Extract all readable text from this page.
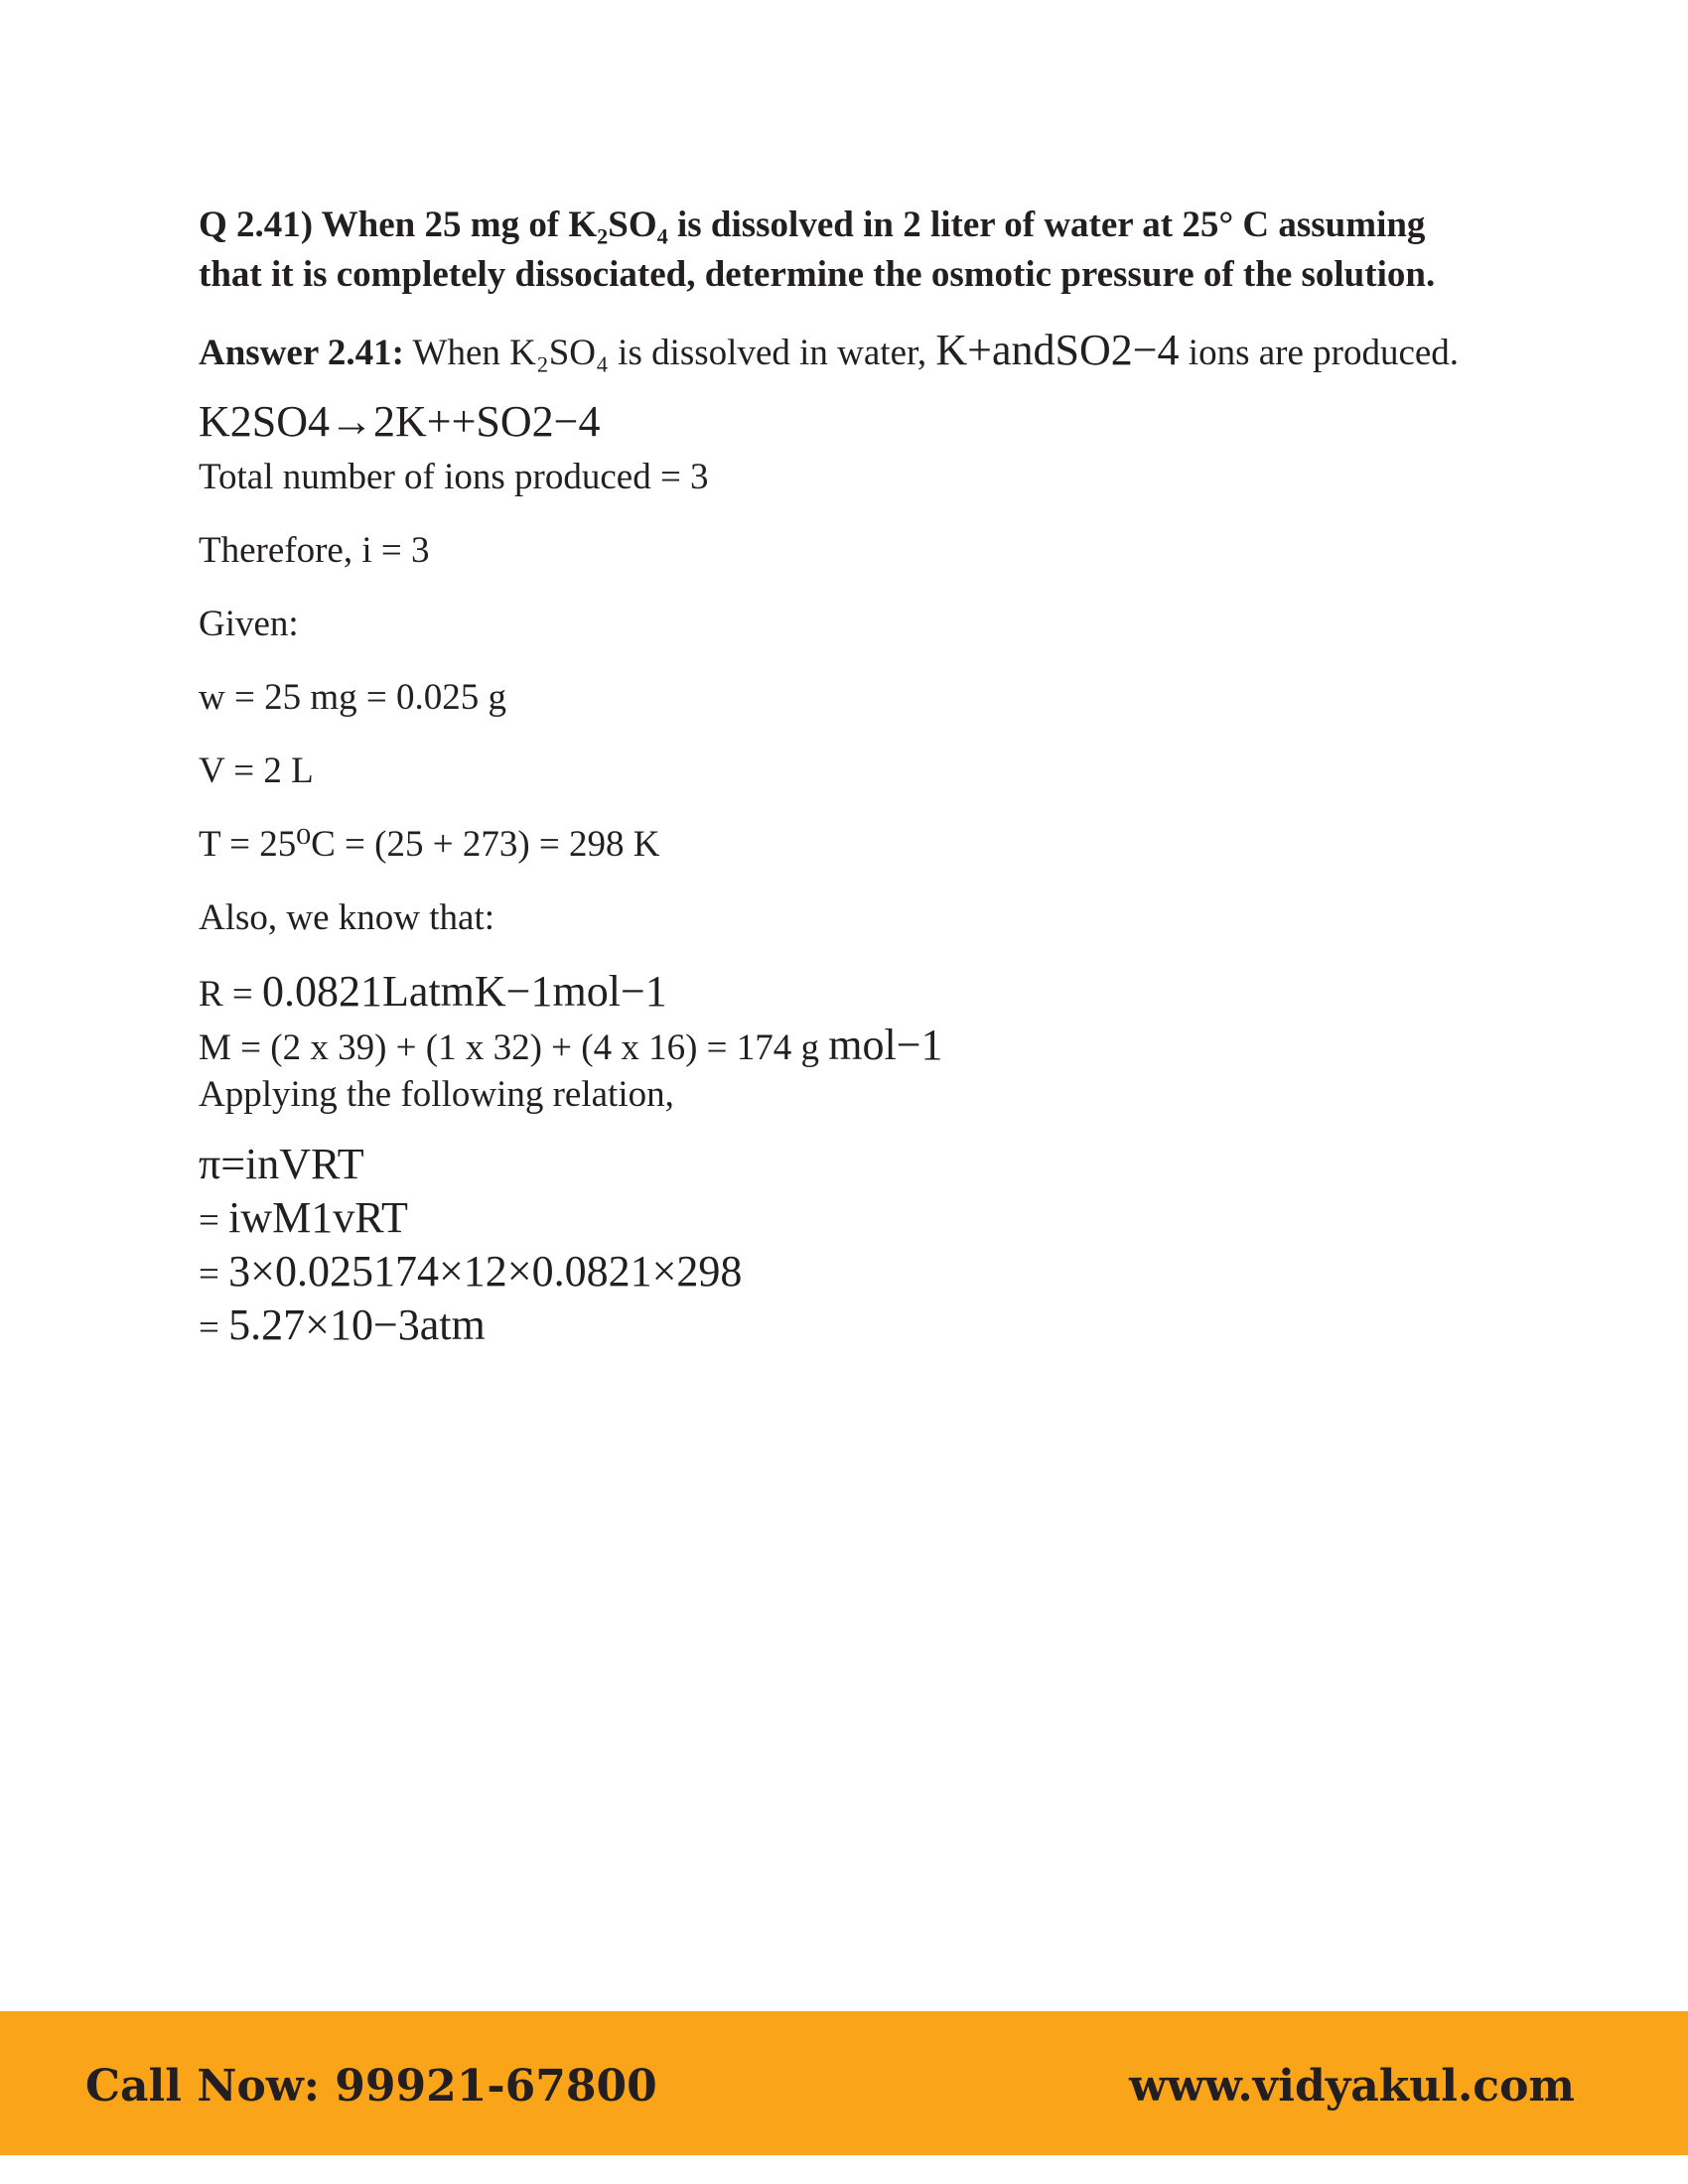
Q 2.41) When 25 mg of K₂SO₄ is dissolved in 2 liter of water at 25° C assuming
that it is completely dissociated, determine the osmotic pressure of the solution.
Answer 2.41: When K₂SO₄ is dissolved in water, K+andSO2−4 ions are produced.
K2SO4→2K++SO2−4
Total number of ions produced = 3
Therefore, i = 3
Given:
w = 25 mg = 0.025 g
V = 2 L
T = 25⁰C = (25 + 273) = 298 K
Also, we know that:
R = 0.0821LatmK−1mol−1
M = (2 x 39) + (1 x 32) + (4 x 16) = 174 g mol−1
Applying the following relation,
π=inVRT
= iwM1vRT
= 3×0.025174×12×0.0821×298
= 5.27×10−3atm
Call Now: 99921-67800	www.vidyakul.com
